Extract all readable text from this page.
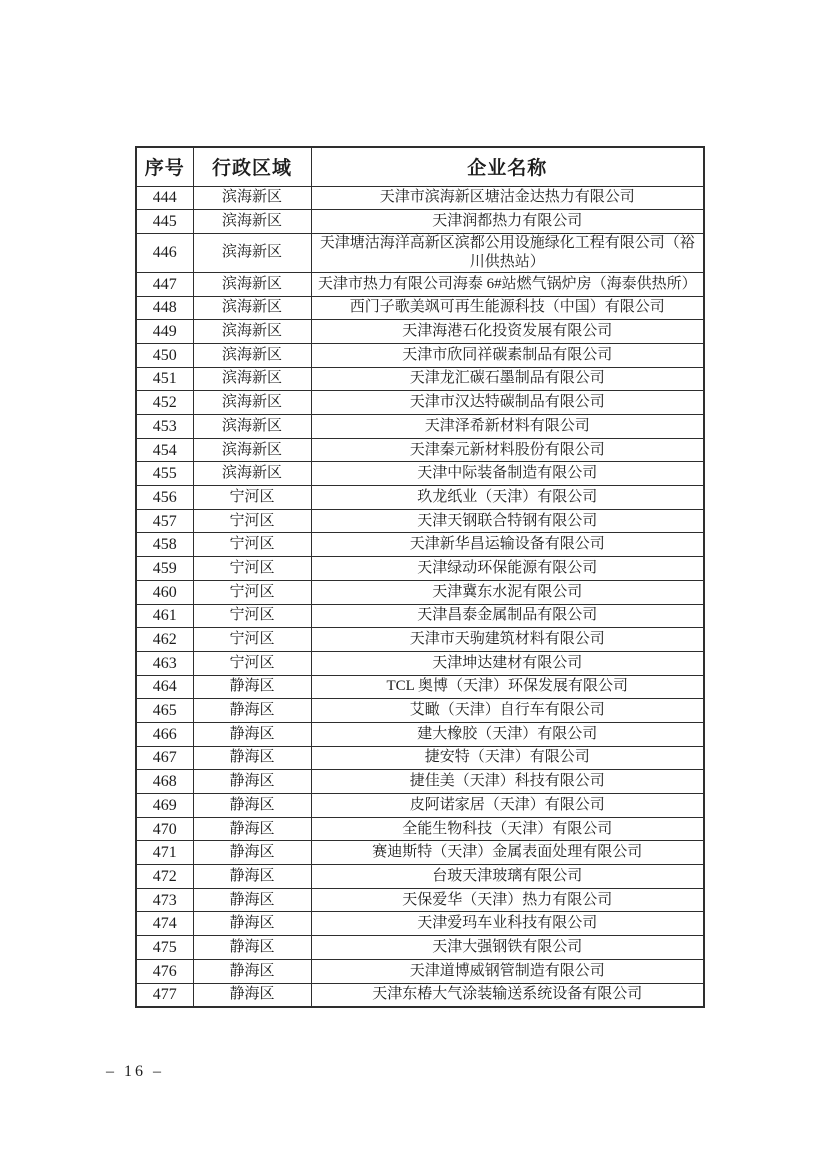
序号	行政区域	企业名称
444	滨海新区	天津市滨海新区塘沽金达热力有限公司
445	滨海新区	天津润都热力有限公司
446	滨海新区	天津塘沽海洋高新区滨都公用设施绿化工程有限公司（裕川供热站）
447	滨海新区	天津市热力有限公司海泰 6#站燃气锅炉房（海泰供热所）
448	滨海新区	西门子歌美飒可再生能源科技（中国）有限公司
449	滨海新区	天津海港石化投资发展有限公司
450	滨海新区	天津市欣同祥碳素制品有限公司
451	滨海新区	天津龙汇碳石墨制品有限公司
452	滨海新区	天津市汉达特碳制品有限公司
453	滨海新区	天津泽希新材料有限公司
454	滨海新区	天津秦元新材料股份有限公司
455	滨海新区	天津中际装备制造有限公司
456	宁河区	玖龙纸业（天津）有限公司
457	宁河区	天津天钢联合特钢有限公司
458	宁河区	天津新华昌运输设备有限公司
459	宁河区	天津绿动环保能源有限公司
460	宁河区	天津冀东水泥有限公司
461	宁河区	天津昌泰金属制品有限公司
462	宁河区	天津市天驹建筑材料有限公司
463	宁河区	天津坤达建材有限公司
464	静海区	TCL 奥博（天津）环保发展有限公司
465	静海区	艾瞰（天津）自行车有限公司
466	静海区	建大橡胶（天津）有限公司
467	静海区	捷安特（天津）有限公司
468	静海区	捷佳美（天津）科技有限公司
469	静海区	皮阿诺家居（天津）有限公司
470	静海区	全能生物科技（天津）有限公司
471	静海区	赛迪斯特（天津）金属表面处理有限公司
472	静海区	台玻天津玻璃有限公司
473	静海区	天保爱华（天津）热力有限公司
474	静海区	天津爱玛车业科技有限公司
475	静海区	天津大强钢铁有限公司
476	静海区	天津道博威钢管制造有限公司
477	静海区	天津东椿大气涂装输送系统设备有限公司
– 16 –
